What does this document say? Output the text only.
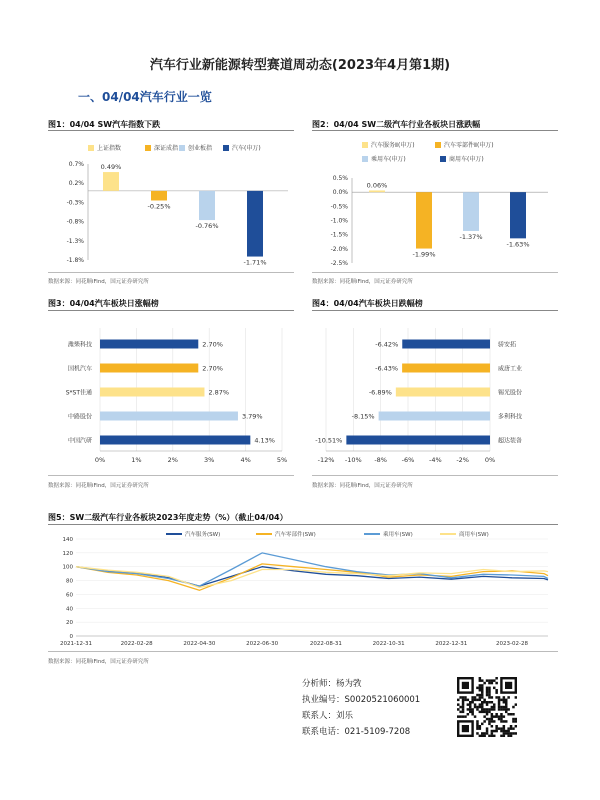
汽车行业新能源转型赛道周动态(2023年4月第1期)
一、04/04汽车行业一览
图1：04/04 SW汽车指数下跌
上证指数	深证成指 创业板指	汽车(申万)
0.7%
0.2%
-0.3%
-0.8%
-1.3%
-1.8%
0.49%
-0.25%
-0.76%
-1.71%
数据来源：同花顺iFind，国元证券研究所
图2：04/04 SW二级汽车行业各板块日涨跌幅
汽车服务Ⅱ(申万)	汽车零部件Ⅱ(申万)
乘用车(申万)	商用车(申万)
0.5%
0.0%
-0.5%
-1.0%
-1.5%
-2.0%
-2.5%
0.06%
-1.99%
-1.37%
-1.63%
数据来源：同花顺iFind，国元证券研究所
图3：04/04汽车板块日涨幅榜
0%	1%	2%	3%	4%	5%
2.70%
潍柴科技
2.70%
国机汽车
2.87%
S*ST佳通
3.79%
中路股份
4.13%
中国汽研
数据来源：同花顺iFind，国元证券研究所
图4：04/04汽车板块日跌幅榜
-12% -10% -8% -6% -4% -2% 0%
-6.42%	骄安拓
-6.43%	威唐工业
-6.89%	锡光股份
-8.15%	多利科技
-10.51%	超达装备
数据来源：同花顺iFind，国元证券研究所
图5：SW二级汽车行业各板块2023年度走势（%）（截止04/04）
汽车服务(SW)	汽车零部件(SW)	乘用车(SW)	商用车(SW)
140
120
100
80
60
40
20
0
2021-12-31	2022-02-28	2022-04-30	2022-06-30	2022-08-31	2022-10-31	2022-12-31	2023-02-28
数据来源：同花顺iFind，国元证券研究所
分析师：杨为敩
执业编号：S0020521060001
联系人：刘乐
联系电话：021-5109-7208
